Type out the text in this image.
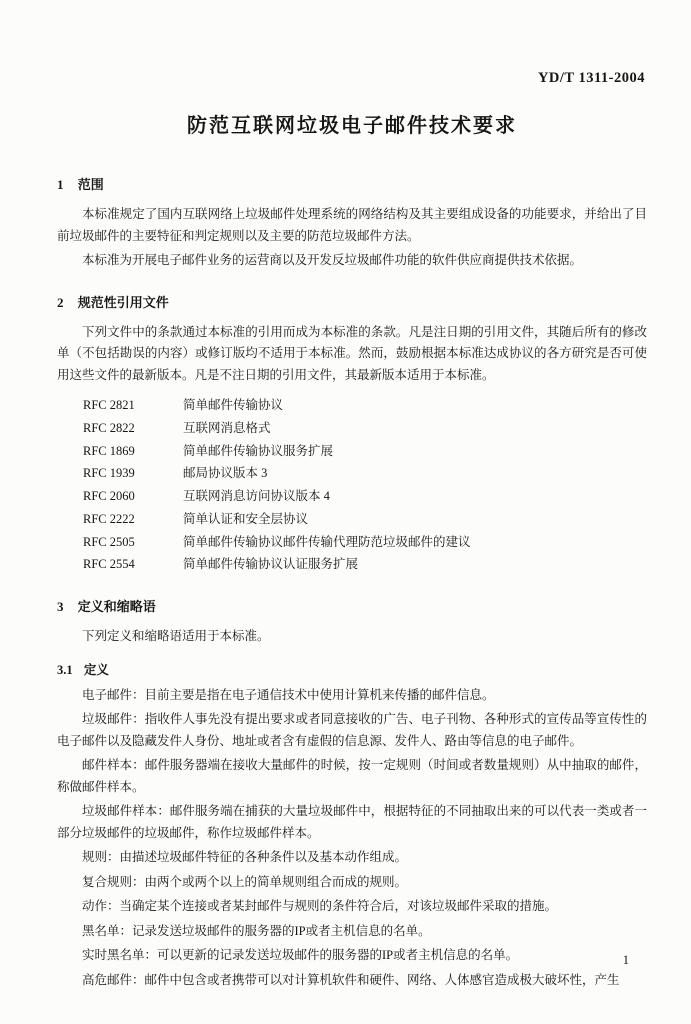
YD/T 1311-2004
防范互联网垃圾电子邮件技术要求
1 范围

本标准规定了国内互联网络上垃圾邮件处理系统的网络结构及其主要组成设备的功能要求，并给出了目前垃圾邮件的主要特征和判定规则以及主要的防范垃圾邮件方法。

本标准为开展电子邮件业务的运营商以及开发反垃圾邮件功能的软件供应商提供技术依据。

2 规范性引用文件

下列文件中的条款通过本标准的引用而成为本标准的条款。凡是注日期的引用文件，其随后所有的修改单（不包括勘误的内容）或修订版均不适用于本标准。然而，鼓励根据本标准达成协议的各方研究是否可使用这些文件的最新版本。凡是不注日期的引用文件，其最新版本适用于本标准。

RFC 2821	简单邮件传输协议
RFC 2822	互联网消息格式
RFC 1869	简单邮件传输协议服务扩展
RFC 1939	邮局协议版本 3
RFC 2060	互联网消息访问协议版本 4
RFC 2222	简单认证和安全层协议
RFC 2505	简单邮件传输协议邮件传输代理防范垃圾邮件的建议
RFC 2554	简单邮件传输协议认证服务扩展
3 定义和缩略语

下列定义和缩略语适用于本标准。

3.1 定义

电子邮件：目前主要是指在电子通信技术中使用计算机来传播的邮件信息。

垃圾邮件：指收件人事先没有提出要求或者同意接收的广告、电子刊物、各种形式的宣传品等宣传性的电子邮件以及隐藏发件人身份、地址或者含有虚假的信息源、发件人、路由等信息的电子邮件。

邮件样本：邮件服务器端在接收大量邮件的时候，按一定规则（时间或者数量规则）从中抽取的邮件，称做邮件样本。

垃圾邮件样本：邮件服务端在捕获的大量垃圾邮件中，根据特征的不同抽取出来的可以代表一类或者一部分垃圾邮件的垃圾邮件，称作垃圾邮件样本。

规则：由描述垃圾邮件特征的各种条件以及基本动作组成。

复合规则：由两个或两个以上的简单规则组合而成的规则。

动作：当确定某个连接或者某封邮件与规则的条件符合后，对该垃圾邮件采取的措施。

黑名单：记录发送垃圾邮件的服务器的IP或者主机信息的名单。

实时黑名单：可以更新的记录发送垃圾邮件的服务器的IP或者主机信息的名单。

高危邮件：邮件中包含或者携带可以对计算机软件和硬件、网络、人体感官造成极大破坏性，产生

1
